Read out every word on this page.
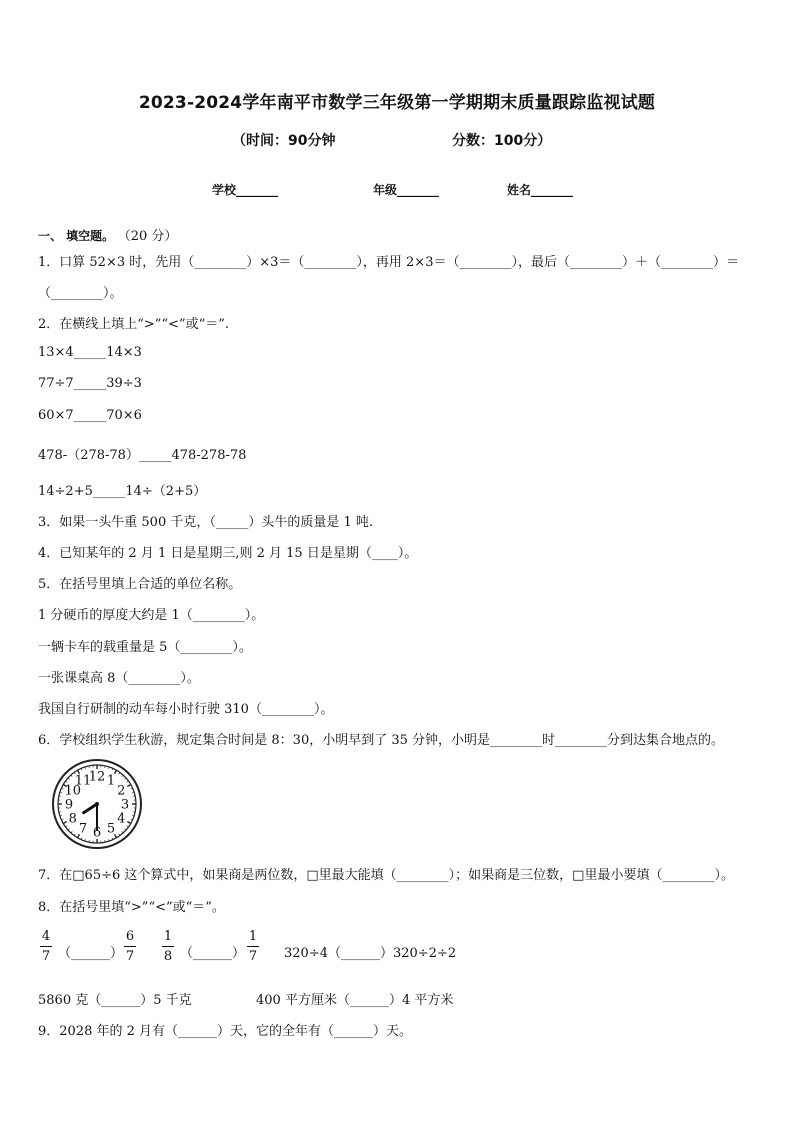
2023-2024学年南平市数学三年级第一学期期末质量跟踪监视试题
（时间：90分钟	分数：100分）
学校_______	年级_______	姓名_______
一、 填空题。 （20 分）
1．口算 52×3 时，先用（________）×3＝（________），再用 2×3＝（________），最后（________）＋（________）＝
（________）。
2．在横线上填上“>”“<”或“＝”.
13×4_____14×3
77÷7_____39÷3
60×7_____70×6
478-（278-78）_____478-278-78
14÷2+5_____14÷（2+5）
3．如果一头牛重 500 千克，（_____）头牛的质量是 1 吨.
4．已知某年的 2 月 1 日是星期三,则 2 月 15 日是星期（____）。
5．在括号里填上合适的单位名称。
1 分硬币的厚度大约是 1（________）。
一辆卡车的载重量是 5（________）。
一张课桌高 8（________）。
我国自行研制的动车每小时行驶 310（________）。
6．学校组织学生秋游，规定集合时间是 8：30，小明早到了 35 分钟，小明是________时________分到达集合地点的。
12 1
2
3
4
5
6
7
8
9
10
11
7．在□65÷6 这个算式中，如果商是两位数，□里最大能填（________）；如果商是三位数，□里最小要填（________）。
8．在括号里填“>”“<”或“＝”。
4
7 （______）
6
7
1
8 （______）
1
7 320÷4（______）320÷2÷2
5860 克（______）5 千克	400 平方厘米（______）4 平方米
9．2028 年的 2 月有（______）天，它的全年有（______）天。
